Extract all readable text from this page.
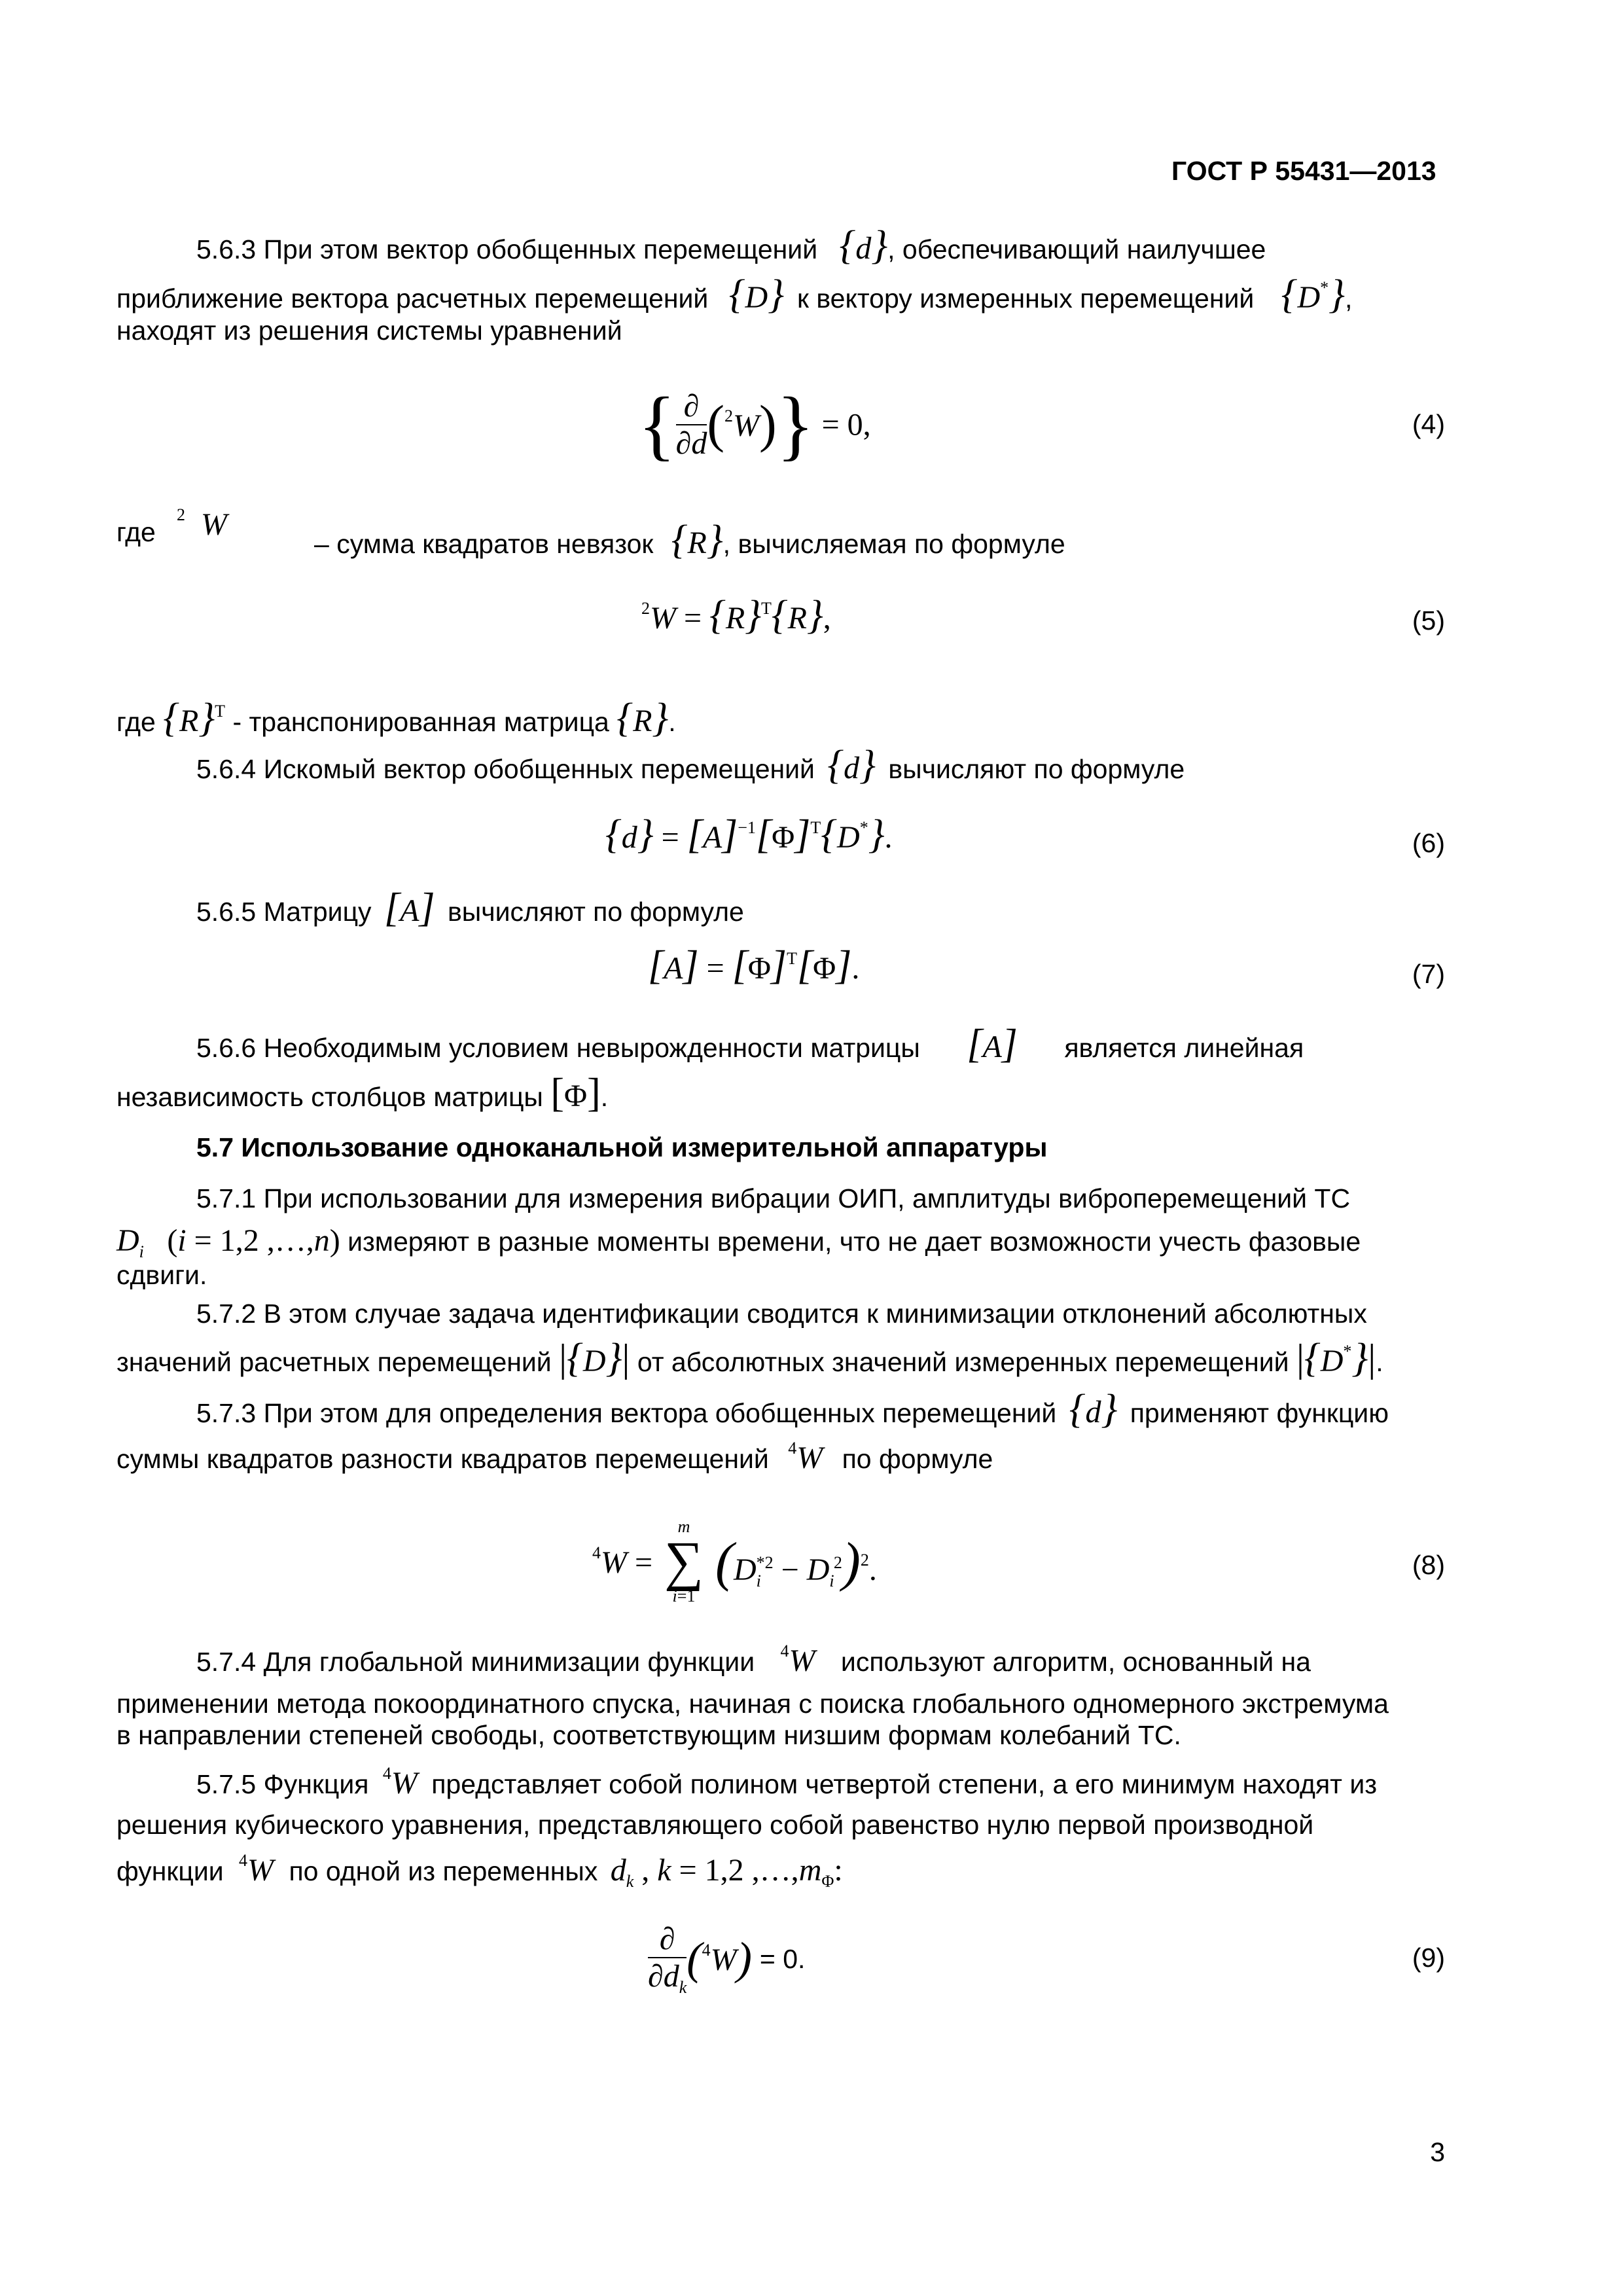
ГОСТ Р 55431—2013
5.6.3 При этом вектор обобщенных перемещений {d}, обеспечивающий наилучшее
приближение вектора расчетных перемещений {D} к вектору измеренных перемещений {D*},
находят из решения системы уравнений
{ $\frac{\partial}{\partial d} (^2W)\} = 0$,	(4)
где
$^2$  W
– сумма квадратов невязок {R}, вычисляемая по формуле
$^2W = \{R\}^T\{R\}$,	(5)
где $\{R\}^T$ - транспонированная матрица {R}.
5.6.4 Искомый вектор обобщенных перемещений {d} вычисляют по формуле
$\{d\} = [A]^{-1}[\Phi]^T\{D^*\}$.	(6)
5.6.5 Матрицу [A] вычисляют по формуле
$[A] = [\Phi]^T[\Phi]$.	(7)
5.6.6 Необходимым условием невырожденности матрицы [A] является линейная
независимость столбцов матрицы [Φ].
5.7 Использование одноканальной измерительной аппаратуры
5.7.1 При использовании для измерения вибрации ОИП, амплитуды виброперемещений ТС
$D_i$ (i = 1,2 ,…,n) измеряют в разные моменты времени, что не дает возможности учесть фазовые
сдвиги.
5.7.2 В этом случае задача идентификации сводится к минимизации отклонений абсолютных
значений расчетных перемещений |{D}| от абсолютных значений измеренных перемещений |{D*}|.
5.7.3 При этом для определения вектора обобщенных перемещений {d} применяют функцию
суммы квадратов разности квадратов перемещений $^4$W по формуле
$^4$W =
m
∑
i=1
(D *2
i − D 2
i )$^2$.	(8)
5.7.4 Для глобальной минимизации функции $^4$W используют алгоритм, основанный на
применении метода покоординатного спуска, начиная с поиска глобального одномерного экстремума
в направлении степеней свободы, соответствующим низшим формам колебаний ТС.
5.7.5 Функция $^4$W представляет собой полином четвертой степени, а его минимум находят из
решения кубического уравнения, представляющего собой равенство нулю первой производной
функции $^4$W по одной из переменных $d_k$ , k = 1,2 $,\dots,m_\Phi$:
$\frac{\partial}{\partial d_k} (^4W) = 0$.	(9)
3
